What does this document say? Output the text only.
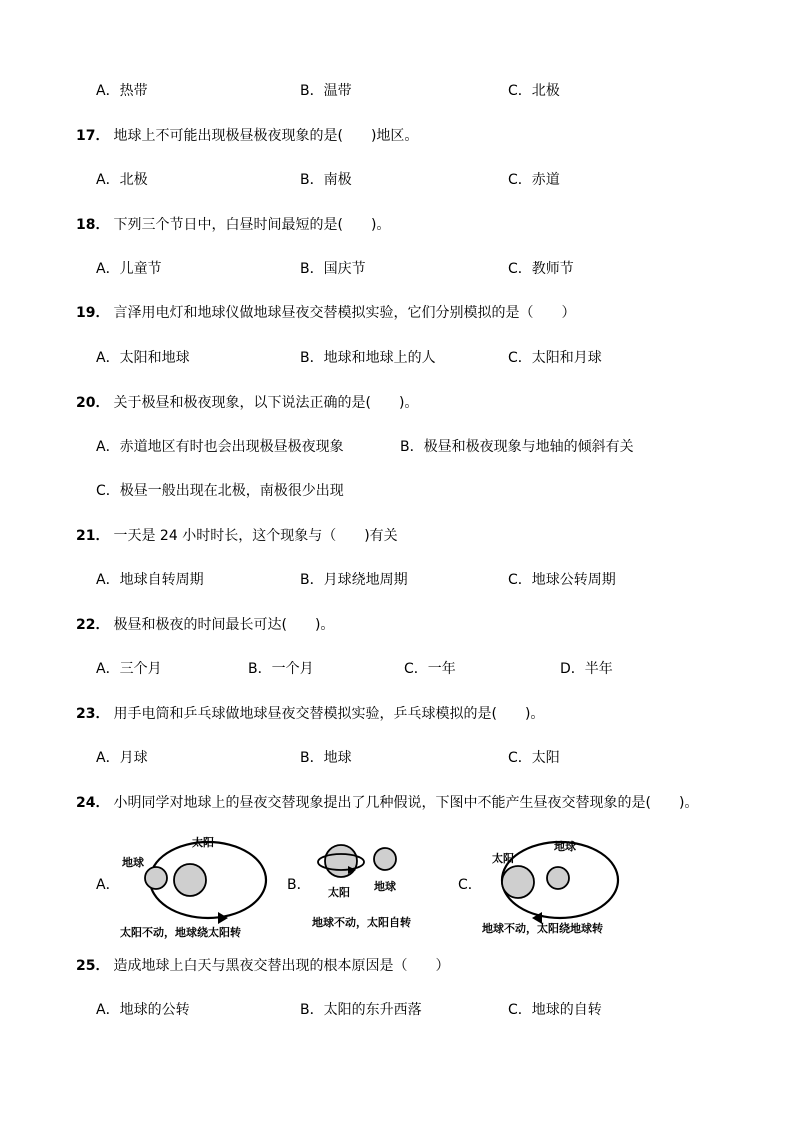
A．热带	B．温带	C．北极
17． 地球上不可能出现极昼极夜现象的是(　　)地区。
A．北极	B．南极	C．赤道
18． 下列三个节日中，白昼时间最短的是(　　)。
A．儿童节	B．国庆节	C．教师节
19． 言泽用电灯和地球仪做地球昼夜交替模拟实验，它们分别模拟的是（　　）
A．太阳和地球	B．地球和地球上的人	C．太阳和月球
20． 关于极昼和极夜现象，以下说法正确的是(　　)。
A．赤道地区有时也会出现极昼极夜现象	B．极昼和极夜现象与地轴的倾斜有关
C．极昼一般出现在北极，南极很少出现
21． 一天是 24 小时时长，这个现象与（　　)有关
A．地球自转周期	B．月球绕地周期	C．地球公转周期
22． 极昼和极夜的时间最长可达(　　)。
A．三个月	B．一个月	C．一年	D．半年
23． 用手电筒和乒乓球做地球昼夜交替模拟实验，乒乓球模拟的是(　　)。
A．月球	B．地球	C．太阳
24． 小明同学对地球上的昼夜交替现象提出了几种假说，下图中不能产生昼夜交替现象的是(　　)。
A．	B．	C．
地球
太阳
太阳不动，地球绕太阳转
太阳 地球
地球不动，太阳自转
太阳
地球
地球不动，太阳绕地球转
25． 造成地球上白天与黑夜交替出现的根本原因是（　　）
A．地球的公转	B．太阳的东升西落	C．地球的自转
